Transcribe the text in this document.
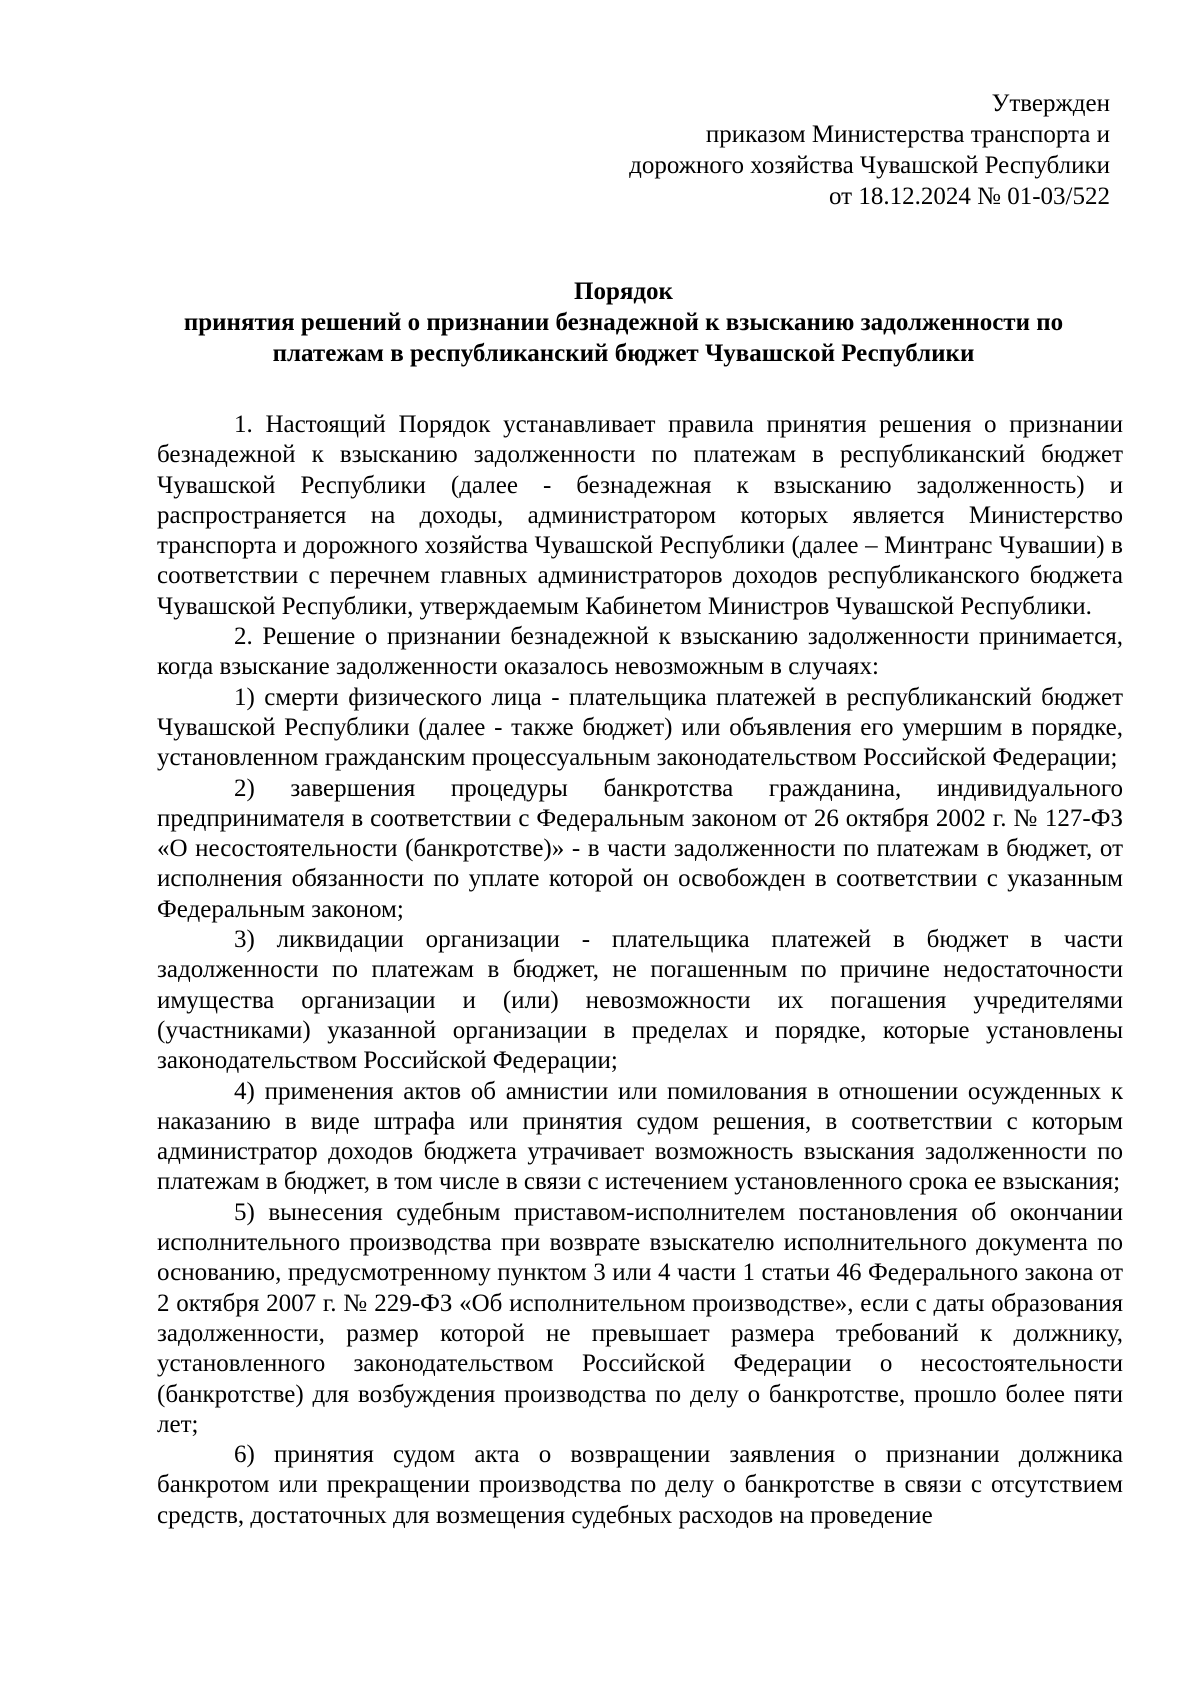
Утвержден
приказом Министерства транспорта и
дорожного хозяйства Чувашской Республики
от 18.12.2024 № 01-03/522
Порядок
принятия решений о признании безнадежной к взысканию задолженности по
платежам в республиканский бюджет Чувашской Республики

1. Настоящий Порядок устанавливает правила принятия решения о признании безнадежной к взысканию задолженности по платежам в республиканский бюджет Чувашской Республики (далее - безнадежная к взысканию задолженность) и распространяется на доходы, администратором которых является Министерство транспорта и дорожного хозяйства Чувашской Республики (далее – Минтранс Чувашии) в соответствии с перечнем главных администраторов доходов республиканского бюджета Чувашской Республики, утверждаемым Кабинетом Министров Чувашской Республики.

2. Решение о признании безнадежной к взысканию задолженности принимается, когда взыскание задолженности оказалось невозможным в случаях:

1) смерти физического лица - плательщика платежей в республиканский бюджет Чувашской Республики (далее - также бюджет) или объявления его умершим в порядке, установленном гражданским процессуальным законодательством Российской Федерации;

2) завершения процедуры банкротства гражданина, индивидуального предпринимателя в соответствии с Федеральным законом от 26 октября 2002 г. № 127-ФЗ «О несостоятельности (банкротстве)» - в части задолженности по платежам в бюджет, от исполнения обязанности по уплате которой он освобожден в соответствии с указанным Федеральным законом;

3) ликвидации организации - плательщика платежей в бюджет в части задолженности по платежам в бюджет, не погашенным по причине недостаточности имущества организации и (или) невозможности их погашения учредителями (участниками) указанной организации в пределах и порядке, которые установлены законодательством Российской Федерации;

4) применения актов об амнистии или помилования в отношении осужденных к наказанию в виде штрафа или принятия судом решения, в соответствии с которым администратор доходов бюджета утрачивает возможность взыскания задолженности по платежам в бюджет, в том числе в связи с истечением установленного срока ее взыскания;

5) вынесения судебным приставом-исполнителем постановления об окончании исполнительного производства при возврате взыскателю исполнительного документа по основанию, предусмотренному пунктом 3 или 4 части 1 статьи 46 Федерального закона от 2 октября 2007 г. № 229-ФЗ «Об исполнительном производстве», если с даты образования задолженности, размер которой не превышает размера требований к должнику, установленного законодательством Российской Федерации о несостоятельности (банкротстве) для возбуждения производства по делу о банкротстве, прошло более пяти лет;

6) принятия судом акта о возвращении заявления о признании должника банкротом или прекращении производства по делу о банкротстве в связи с отсутствием средств, достаточных для возмещения судебных расходов на проведение
